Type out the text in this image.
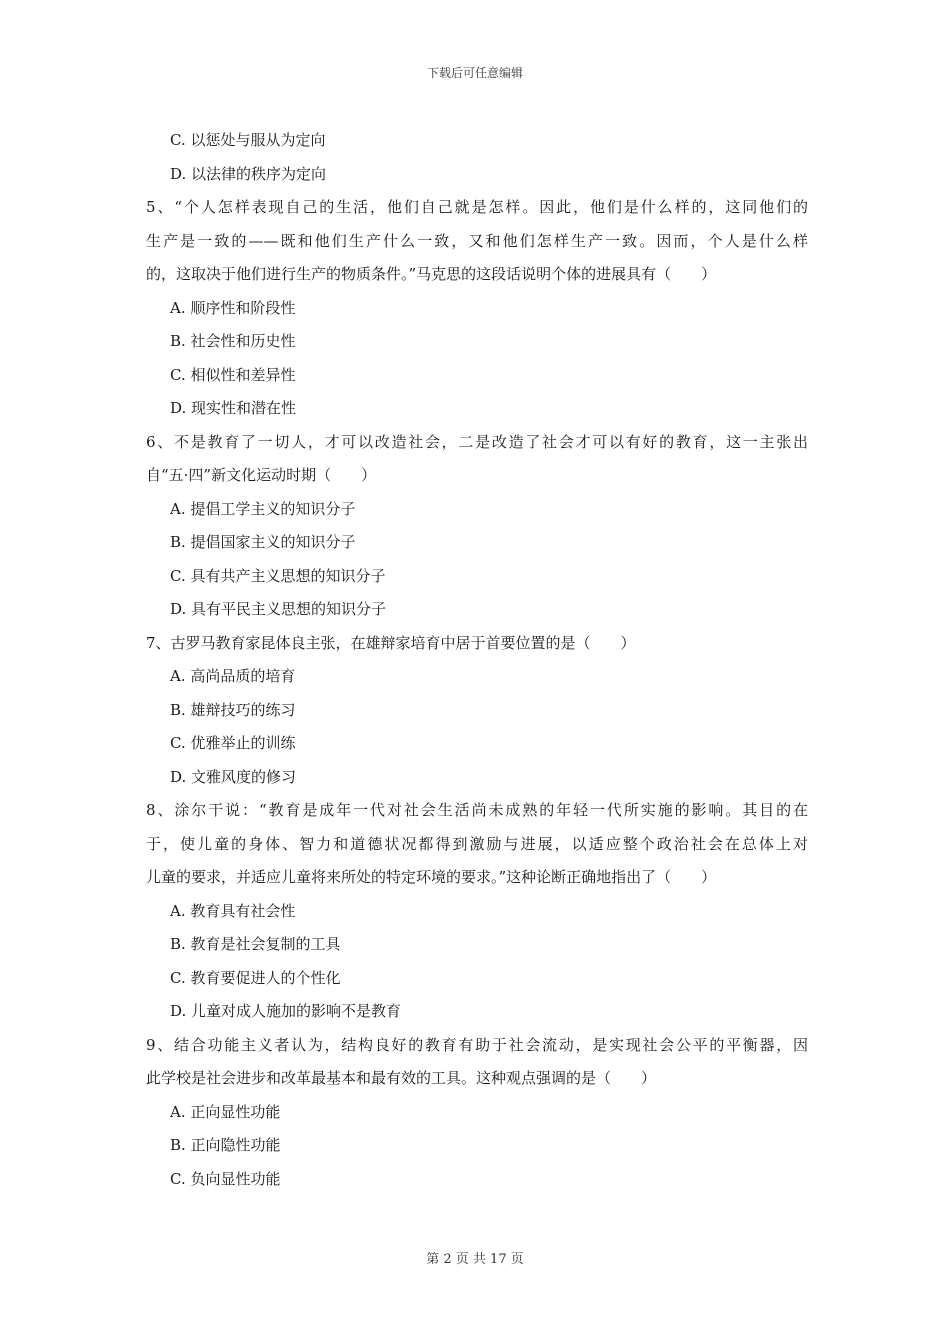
下载后可任意编辑
C. 以惩处与服从为定向
D. 以法律的秩序为定向
5、“个人怎样表现自己的生活，他们自己就是怎样。因此，他们是什么样的，这同他们的
生产是一致的——既和他们生产什么一致，又和他们怎样生产一致。因而，个人是什么样
的，这取决于他们进行生产的物质条件。”马克思的这段话说明个体的进展具有（　　）
A. 顺序性和阶段性
B. 社会性和历史性
C. 相似性和差异性
D. 现实性和潜在性
6、不是教育了一切人，才可以改造社会，二是改造了社会才可以有好的教育，这一主张出
自“五·四”新文化运动时期（　　）
A. 提倡工学主义的知识分子
B. 提倡国家主义的知识分子
C. 具有共产主义思想的知识分子
D. 具有平民主义思想的知识分子
7、古罗马教育家昆体良主张，在雄辩家培育中居于首要位置的是（　　）
A. 高尚品质的培育
B. 雄辩技巧的练习
C. 优雅举止的训练
D. 文雅风度的修习
8、涂尔干说：“教育是成年一代对社会生活尚未成熟的年轻一代所实施的影响。其目的在
于，使儿童的身体、智力和道德状况都得到激励与进展，以适应整个政治社会在总体上对
儿童的要求，并适应儿童将来所处的特定环境的要求。”这种论断正确地指出了（　　）
A. 教育具有社会性
B. 教育是社会复制的工具
C. 教育要促进人的个性化
D. 儿童对成人施加的影响不是教育
9、结合功能主义者认为，结构良好的教育有助于社会流动，是实现社会公平的平衡器，因
此学校是社会进步和改革最基本和最有效的工具。这种观点强调的是（　　）
A. 正向显性功能
B. 正向隐性功能
C. 负向显性功能
第 2 页 共 17 页
